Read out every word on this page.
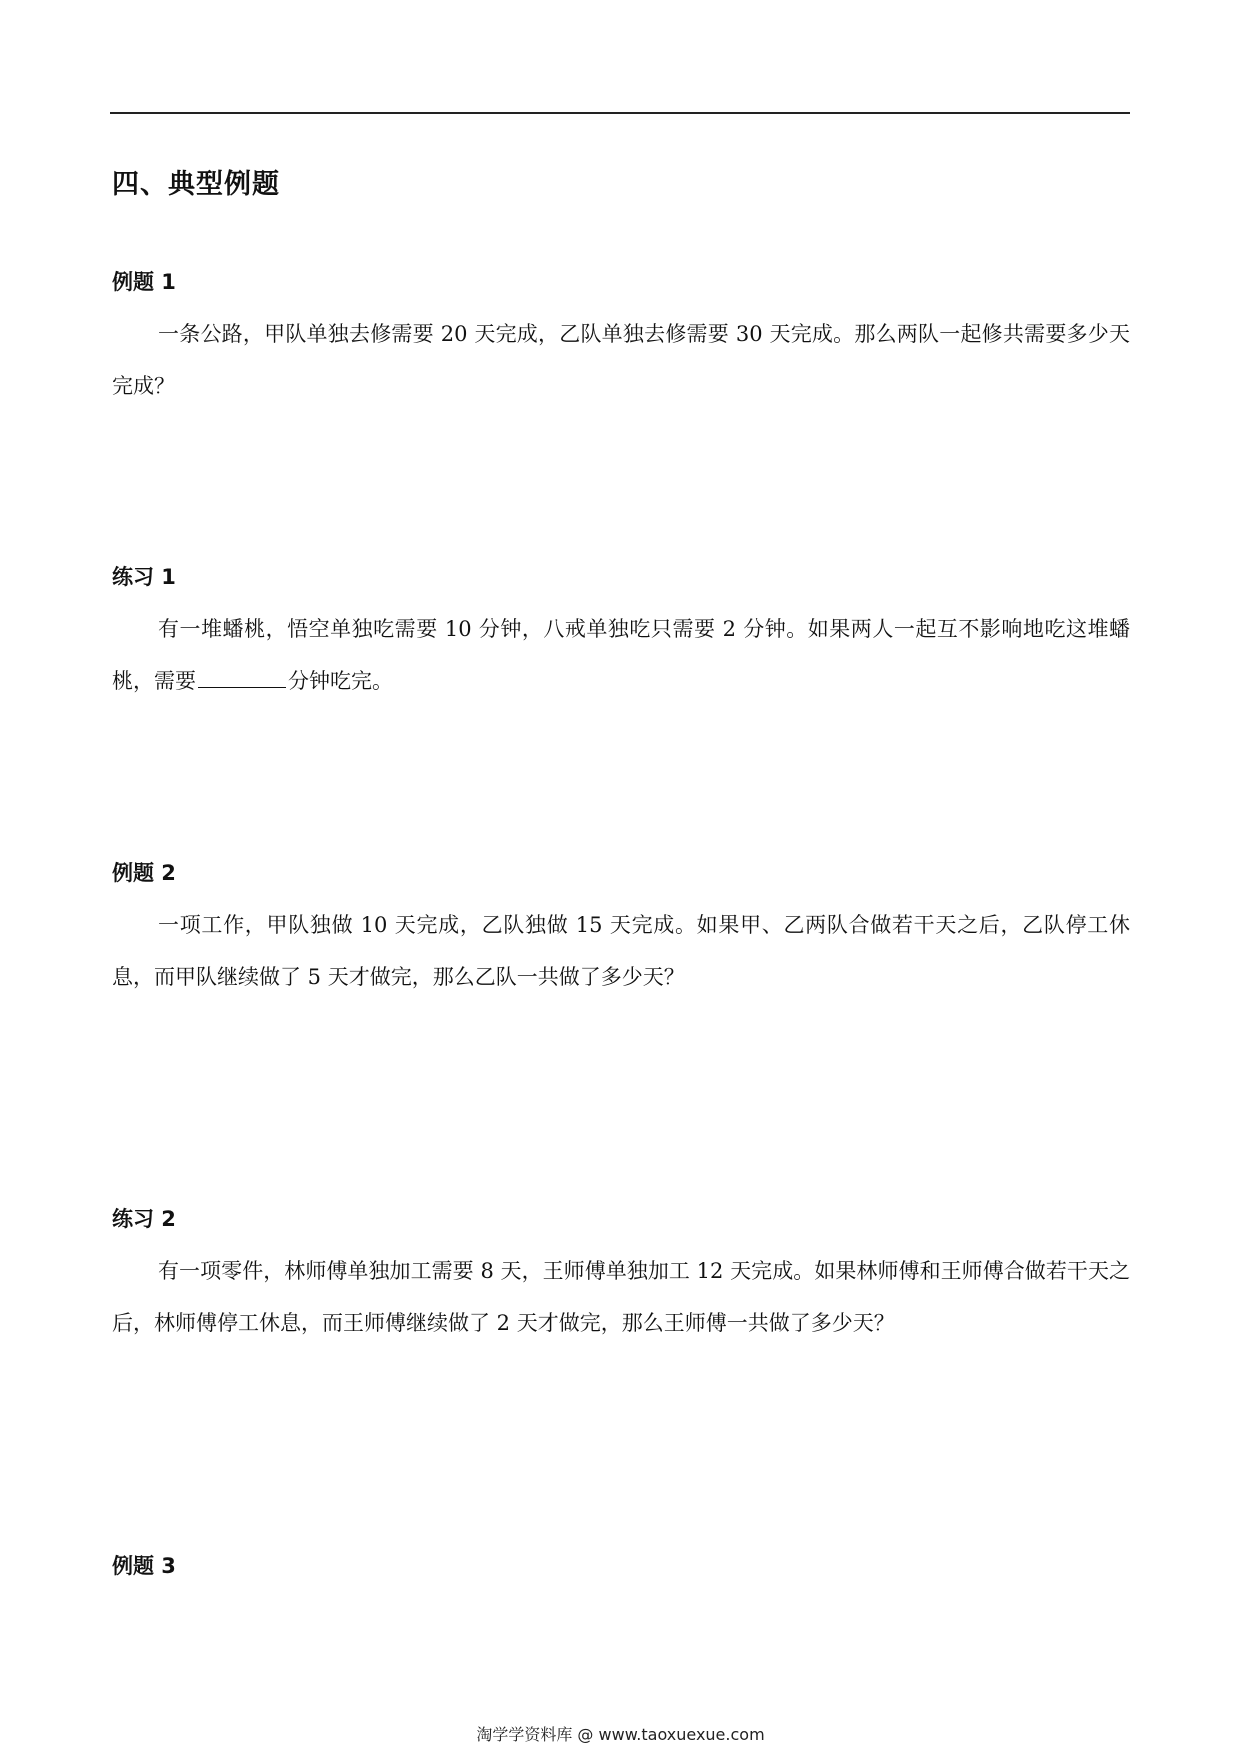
四、典型例题
例题 1

一条公路，甲队单独去修需要 20 天完成，乙队单独去修需要 30 天完成。那么两队一起修共需要多少天完成？

练习 1

有一堆蟠桃，悟空单独吃需要 10 分钟，八戒单独吃只需要 2 分钟。如果两人一起互不影响地吃这堆蟠桃，需要	分钟吃完。

例题 2

一项工作，甲队独做 10 天完成，乙队独做 15 天完成。如果甲、乙两队合做若干天之后，乙队停工休息，而甲队继续做了 5 天才做完，那么乙队一共做了多少天？

练习 2

有一项零件，林师傅单独加工需要 8 天，王师傅单独加工 12 天完成。如果林师傅和王师傅合做若干天之后，林师傅停工休息，而王师傅继续做了 2 天才做完，那么王师傅一共做了多少天？

例题 3
淘学学资料库 @ www.taoxuexue.com
